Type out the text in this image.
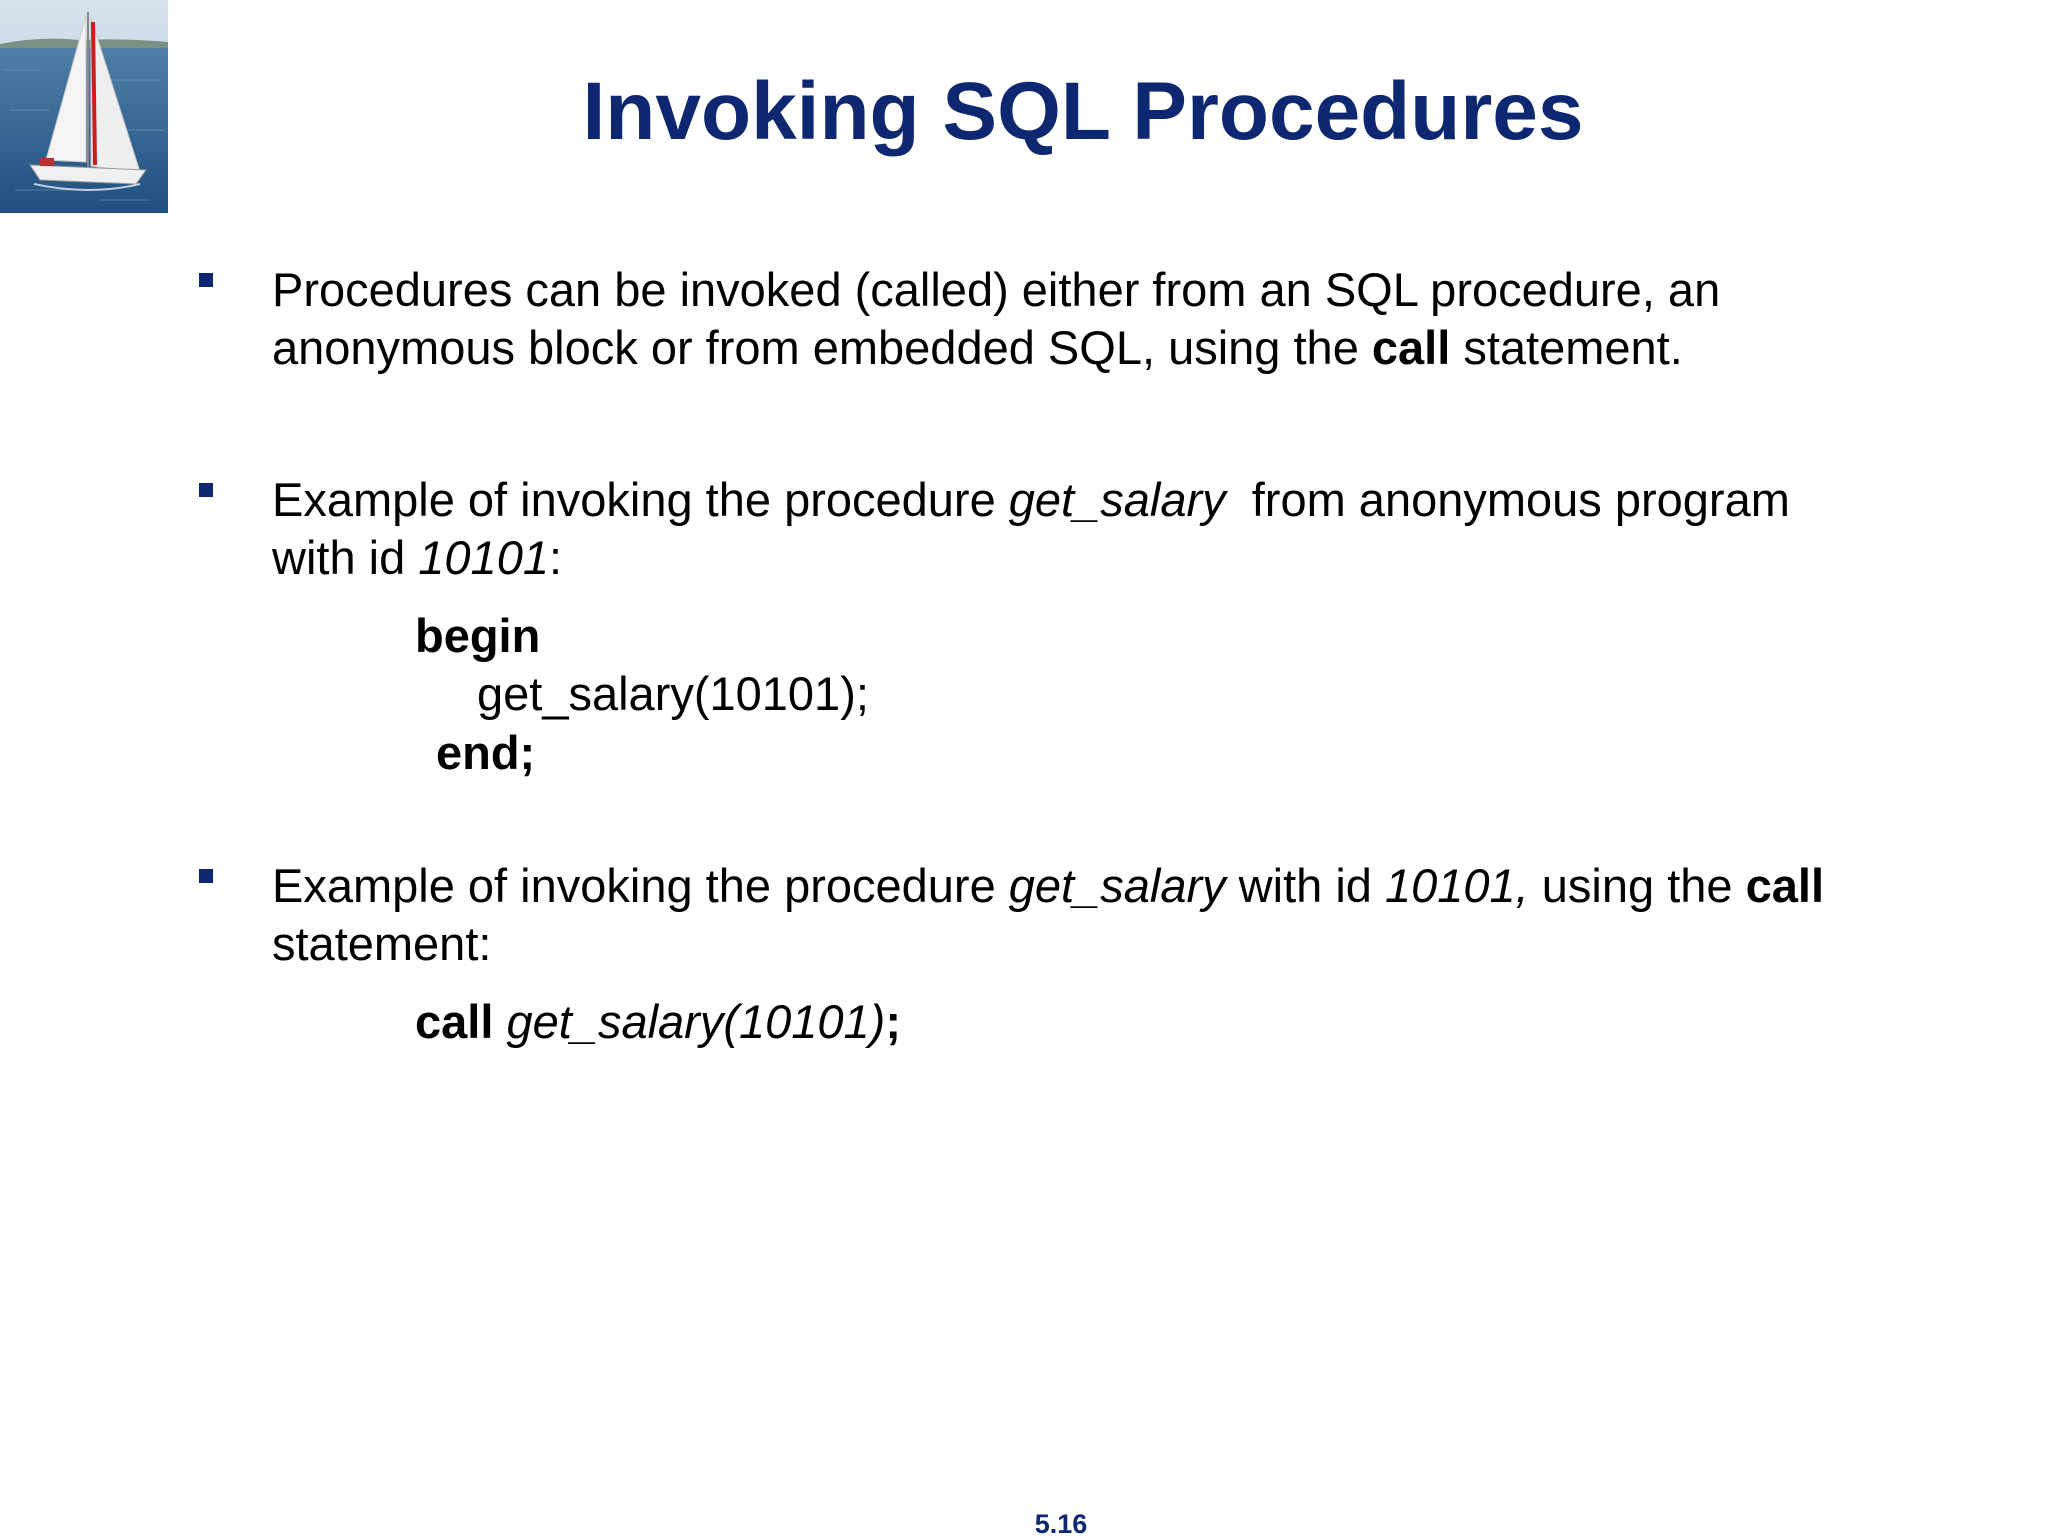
Invoking SQL Procedures
Procedures can be invoked (called) either from an SQL procedure, an
anonymous block or from embedded SQL, using the call statement.
Example of invoking the procedure get_salary  from anonymous program
with id 10101:
begin
get_salary(10101);
end;
Example of invoking the procedure get_salary with id 10101, using the call
statement:
call get_salary(10101);
5.16
